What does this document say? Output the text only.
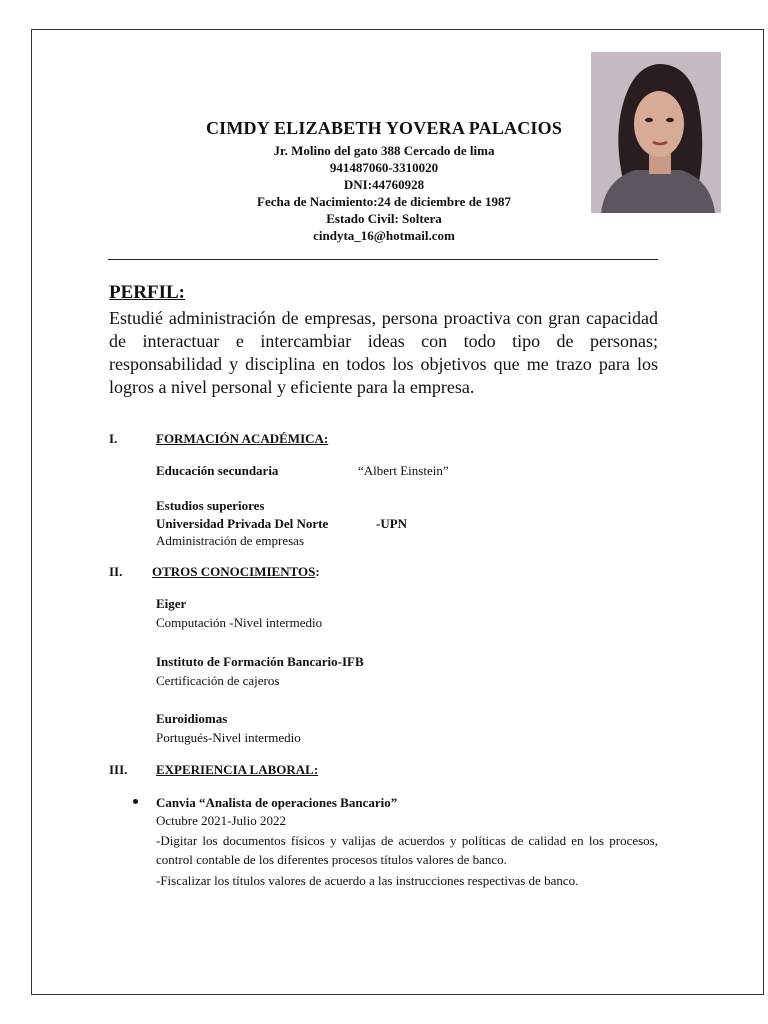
CIMDY ELIZABETH YOVERA PALACIOS
Jr. Molino del gato 388 Cercado de lima
941487060-3310020
DNI:44760928
Fecha de Nacimiento:24 de diciembre de 1987
Estado Civil: Soltera
cindyta_16@hotmail.com
PERFIL:
Estudié administración de empresas, persona proactiva con gran capacidad de interactuar e intercambiar ideas con todo tipo de personas; responsabilidad y disciplina en todos los objetivos que me trazo para los logros a nivel personal y eficiente para la empresa.
I.	FORMACIÓN ACADÉMICA:
Educación secundaria	“Albert Einstein”
Estudios superiores
Universidad Privada Del Norte	-UPN
Administración de empresas
II. OTROS CONOCIMIENTOS:
Eiger
Computación -Nivel intermedio
Instituto de Formación Bancario-IFB
Certificación de cajeros
Euroidiomas
Portugués-Nivel intermedio
III. EXPERIENCIA LABORAL:
Canvia “Analista de operaciones Bancario”
Octubre 2021-Julio 2022
-Digitar los documentos físicos y valijas de acuerdos y políticas de calidad en los procesos, control contable de los diferentes procesos títulos valores de banco.
-Fiscalizar los títulos valores de acuerdo a las instrucciones respectivas de banco.
